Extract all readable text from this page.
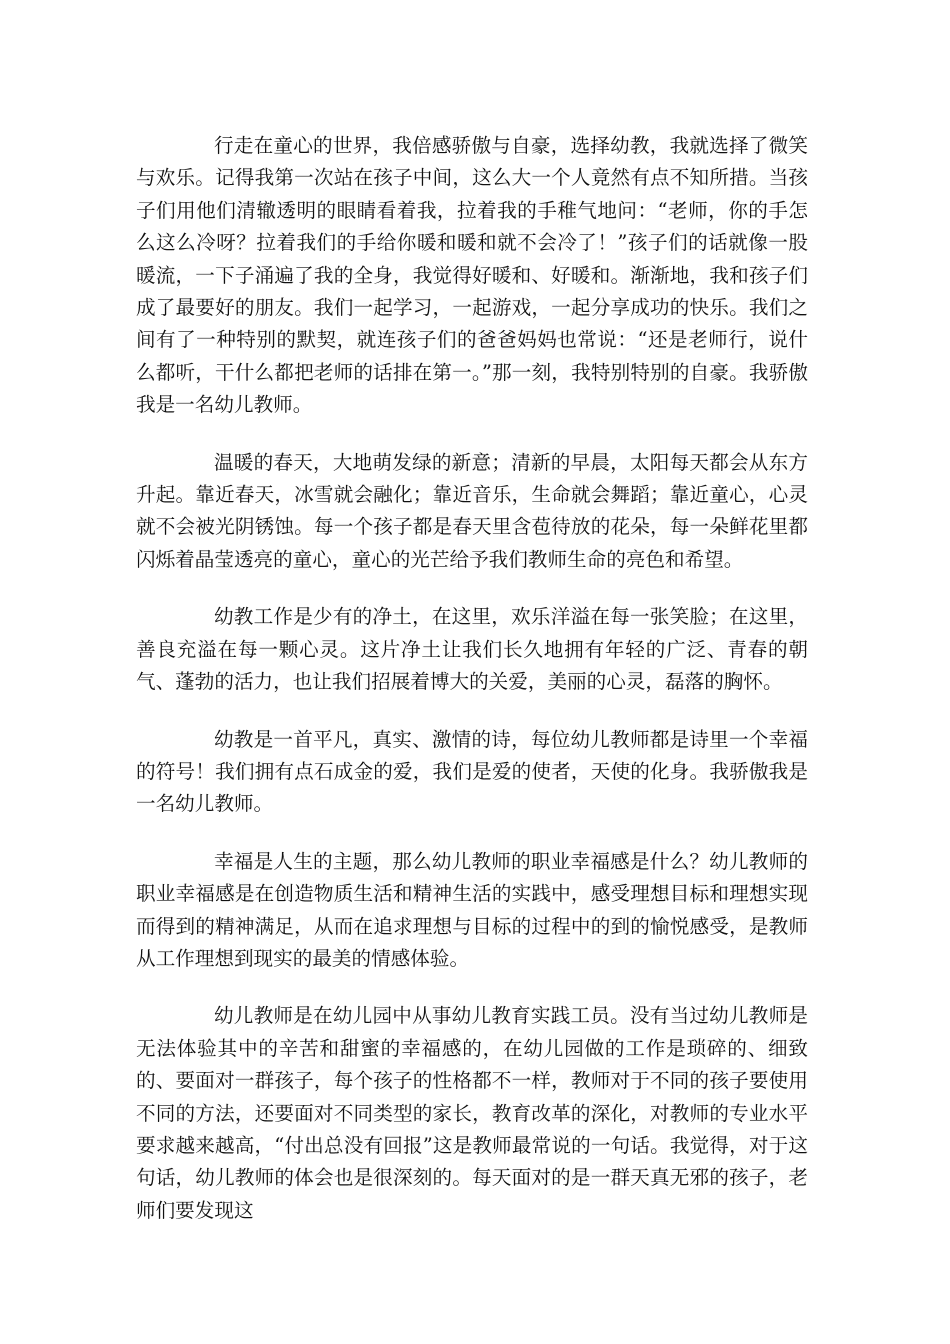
行走在童心的世界，我倍感骄傲与自豪，选择幼教，我就选择了微笑与欢乐。记得我第一次站在孩子中间，这么大一个人竟然有点不知所措。当孩子们用他们清辙透明的眼睛看着我，拉着我的手稚气地问：“老师，你的手怎么这么冷呀？拉着我们的手给你暖和暖和就不会冷了！”孩子们的话就像一股暖流，一下子涌遍了我的全身，我觉得好暖和、好暖和。渐渐地，我和孩子们成了最要好的朋友。我们一起学习，一起游戏，一起分享成功的快乐。我们之间有了一种特别的默契，就连孩子们的爸爸妈妈也常说：“还是老师行，说什么都听，干什么都把老师的话排在第一。”那一刻，我特别特别的自豪。我骄傲我是一名幼儿教师。

温暖的春天，大地萌发绿的新意；清新的早晨，太阳每天都会从东方升起。靠近春天，冰雪就会融化；靠近音乐，生命就会舞蹈；靠近童心，心灵就不会被光阴锈蚀。每一个孩子都是春天里含苞待放的花朵，每一朵鲜花里都闪烁着晶莹透亮的童心，童心的光芒给予我们教师生命的亮色和希望。

幼教工作是少有的净土，在这里，欢乐洋溢在每一张笑脸；在这里，善良充溢在每一颗心灵。这片净土让我们长久地拥有年轻的广泛、青春的朝气、蓬勃的活力，也让我们招展着博大的关爱，美丽的心灵，磊落的胸怀。

幼教是一首平凡，真实、激情的诗，每位幼儿教师都是诗里一个幸福的符号！我们拥有点石成金的爱，我们是爱的使者，天使的化身。我骄傲我是一名幼儿教师。

幸福是人生的主题，那么幼儿教师的职业幸福感是什么？幼儿教师的职业幸福感是在创造物质生活和精神生活的实践中，感受理想目标和理想实现而得到的精神满足，从而在追求理想与目标的过程中的到的愉悦感受，是教师从工作理想到现实的最美的情感体验。

幼儿教师是在幼儿园中从事幼儿教育实践工员。没有当过幼儿教师是无法体验其中的辛苦和甜蜜的幸福感的，在幼儿园做的工作是琐碎的、细致的、要面对一群孩子，每个孩子的性格都不一样，教师对于不同的孩子要使用不同的方法，还要面对不同类型的家长，教育改革的深化，对教师的专业水平要求越来越高，“付出总没有回报”这是教师最常说的一句话。我觉得，对于这句话，幼儿教师的体会也是很深刻的。每天面对的是一群天真无邪的孩子，老师们要发现这
